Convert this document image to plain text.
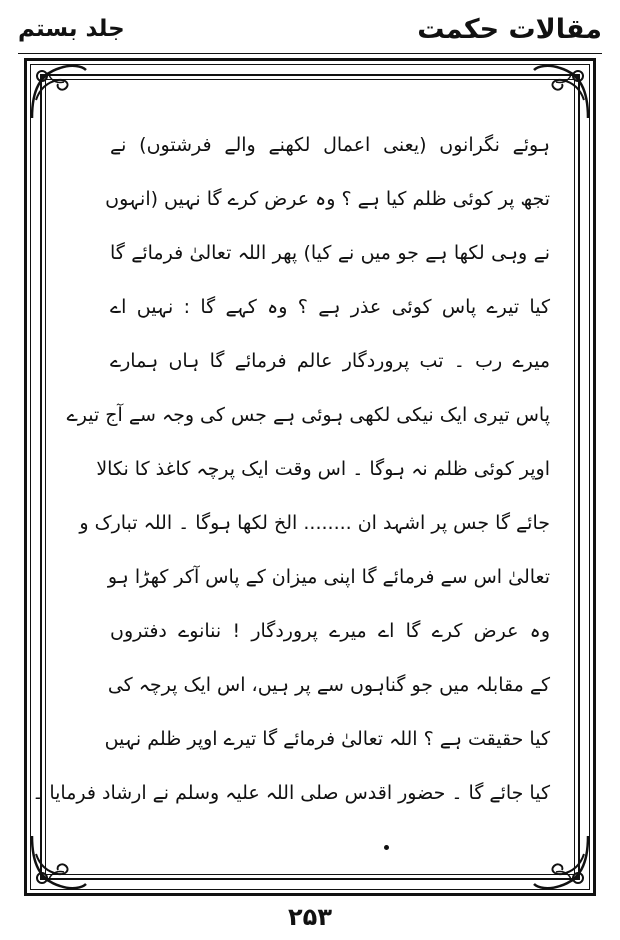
مقالات حکمت
جلد بستم
ہوئے نگرانوں (یعنی اعمال لکھنے والے فرشتوں) نے
تجھ پر کوئی ظلم کیا ہے ؟ وہ عرض کرے گا نہیں (انہوں
نے وہی لکھا ہے جو میں نے کیا) پھر اللہ تعالیٰ فرمائے گا
کیا تیرے پاس کوئی عذر ہے ؟ وہ کہے گا : نہیں اے
میرے رب ۔ تب پروردگار عالم فرمائے گا ہاں ہمارے
پاس تیری ایک نیکی لکھی ہوئی ہے جس کی وجہ سے آج تیرے
اوپر کوئی ظلم نہ ہوگا ۔ اس وقت ایک پرچہ کاغذ کا نکالا
جائے گا جس پر اشہد ان ........ الخ لکھا ہوگا ۔ اللہ تبارک و
تعالیٰ اس سے فرمائے گا اپنی میزان کے پاس آکر کھڑا ہو
وہ عرض کرے گا اے میرے پروردگار ! ننانوے دفتروں
کے مقابلہ میں جو گناہوں سے پر ہیں، اس ایک پرچہ کی
کیا حقیقت ہے ؟ اللہ تعالیٰ فرمائے گا تیرے اوپر ظلم نہیں
کیا جائے گا ۔ حضور اقدس صلی اللہ علیہ وسلم نے ارشاد فرمایا ۔
۲۵۳
